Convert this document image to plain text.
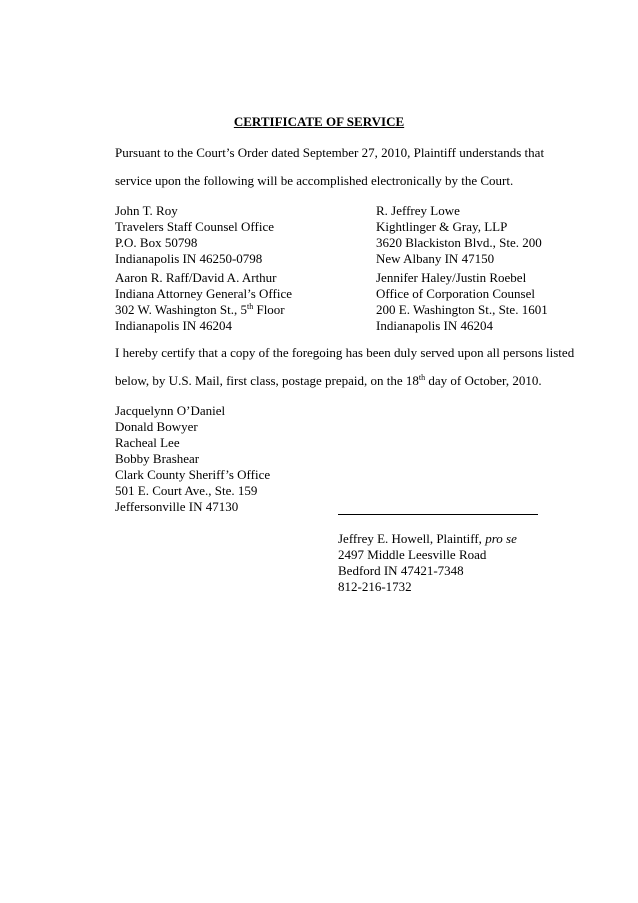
CERTIFICATE OF SERVICE
Pursuant to the Court’s Order dated September 27, 2010, Plaintiff understands that
service upon the following will be accomplished electronically by the Court.
John T. Roy
Travelers Staff Counsel Office
P.O. Box 50798
Indianapolis IN 46250-0798
R. Jeffrey Lowe
Kightlinger & Gray, LLP
3620 Blackiston Blvd., Ste. 200
New Albany IN 47150
Aaron R. Raff/David A. Arthur
Indiana Attorney General’s Office
302 W. Washington St., 5th Floor
Indianapolis IN 46204
Jennifer Haley/Justin Roebel
Office of Corporation Counsel
200 E. Washington St., Ste. 1601
Indianapolis IN 46204
I hereby certify that a copy of the foregoing has been duly served upon all persons listed
below, by U.S. Mail, first class, postage prepaid, on the 18th day of October, 2010.
Jacquelynn O’Daniel
Donald Bowyer
Racheal Lee
Bobby Brashear
Clark County Sheriff’s Office
501 E. Court Ave., Ste. 159
Jeffersonville IN 47130
Jeffrey E. Howell, Plaintiff, pro se
2497 Middle Leesville Road
Bedford IN 47421-7348
812-216-1732
